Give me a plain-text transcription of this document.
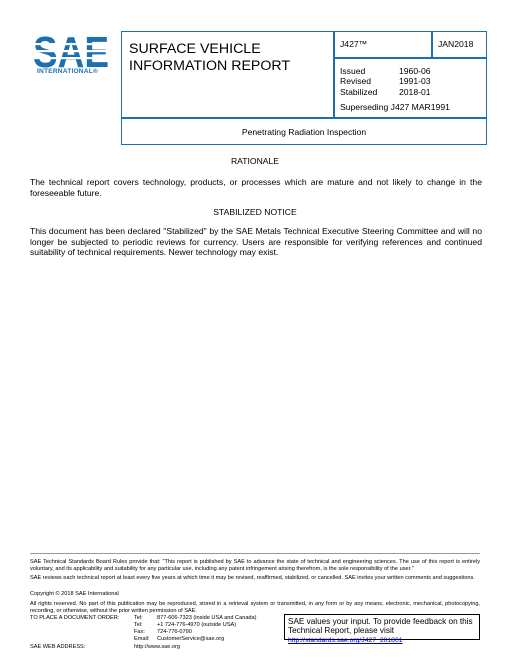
INTERNATIONAL®
SURFACE VEHICLE INFORMATION REPORT
J427™	JAN2018
Issued	1960-06
Revised	1991-03
Stabilized	2018-01
Superseding J427 MAR1991
Penetrating Radiation Inspection
RATIONALE

The technical report covers technology, products, or processes which are mature and not likely to change in the foreseeable future.

STABILIZED NOTICE

This document has been declared "Stabilized" by the SAE Metals Technical Executive Steering Committee and will no longer be subjected to periodic reviews for currency. Users are responsible for verifying references and continued suitability of technical requirements. Newer technology may exist.

SAE Technical Standards Board Rules provide that: "This report is published by SAE to advance the state of technical and engineering sciences. The use of this report is entirely voluntary, and its applicability and suitability for any particular use, including any patent infringement arising therefrom, is the sole responsibility of the user."

SAE reviews each technical report at least every five years at which time it may be revised, reaffirmed, stabilized, or cancelled. SAE invites your written comments and suggestions.

Copyright © 2018 SAE International

All rights reserved. No part of this publication may be reproduced, stored in a retrieval system or transmitted, in any form or by any means, electronic, mechanical, photocopying, recording, or otherwise, without the prior written permission of SAE.

TO PLACE A DOCUMENT ORDER:	Tel:	877-606-7323 (inside USA and Canada)
Tel:	+1 724-776-4970 (outside USA)
Fax: 724-776-0790
Email: CustomerService@sae.org
SAE WEB ADDRESS:	http://www.sae.org
SAE values your input. To provide feedback on this Technical Report, please visit
http://standards.sae.org/J427_201801
